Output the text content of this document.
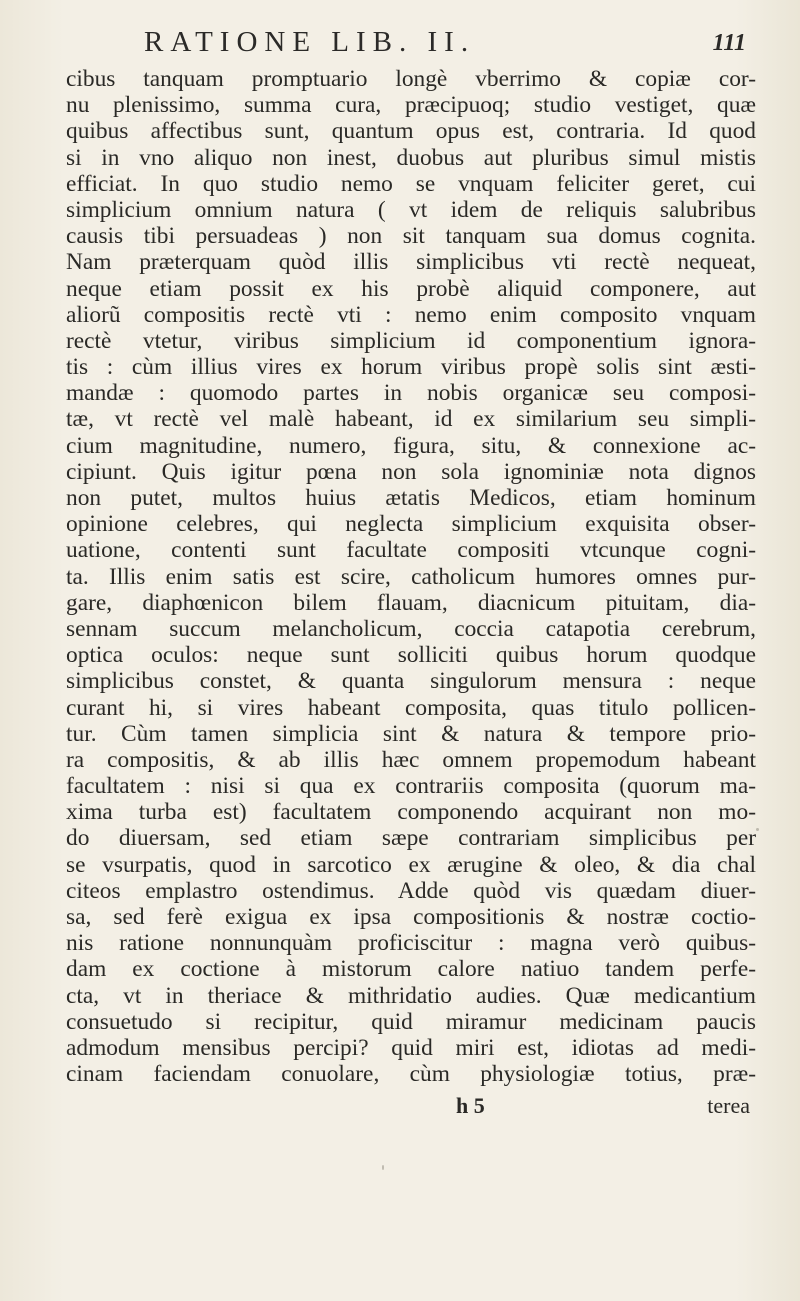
RATIONE LIB. II.	111
cibus tanquam promptuario longè vberrimo & copiæ cor-
nu plenissimo, summa cura, præcipuoq; studio vestiget, quæ
quibus affectibus sunt, quantum opus est, contraria. Id quod
si in vno aliquo non inest, duobus aut pluribus simul mistis
efficiat. In quo studio nemo se vnquam feliciter geret, cui
simplicium omnium natura ( vt idem de reliquis salubribus
causis tibi persuadeas ) non sit tanquam sua domus cognita.
Nam præterquam quòd illis simplicibus vti rectè nequeat,
neque etiam possit ex his probè aliquid componere, aut
aliorũ compositis rectè vti : nemo enim composito vnquam
rectè vtetur, viribus simplicium id componentium ignora-
tis : cùm illius vires ex horum viribus propè solis sint æsti-
mandæ : quomodo partes in nobis organicæ seu composi-
tæ, vt rectè vel malè habeant, id ex similarium seu simpli-
cium magnitudine, numero, figura, situ, & connexione ac-
cipiunt. Quis igitur pœna non sola ignominiæ nota dignos
non putet, multos huius ætatis Medicos, etiam hominum
opinione celebres, qui neglecta simplicium exquisita obser-
uatione, contenti sunt facultate compositi vtcunque cogni-
ta. Illis enim satis est scire, catholicum humores omnes pur-
gare, diaphœnicon bilem flauam, diacnicum pituitam, dia-
sennam succum melancholicum, coccia catapotia cerebrum,
optica oculos: neque sunt solliciti quibus horum quodque
simplicibus constet, & quanta singulorum mensura : neque
curant hi, si vires habeant composita, quas titulo pollicen-
tur. Cùm tamen simplicia sint & natura & tempore prio-
ra compositis, & ab illis hæc omnem propemodum habeant
facultatem : nisi si qua ex contrariis composita (quorum ma-
xima turba est) facultatem componendo acquirant non mo-
do diuersam, sed etiam sæpe contrariam simplicibus per
se vsurpatis, quod in sarcotico ex ærugine & oleo, & dia chal
citeos emplastro ostendimus. Adde quòd vis quædam diuer-
sa, sed ferè exigua ex ipsa compositionis & nostræ coctio-
nis ratione nonnunquàm proficiscitur : magna verò quibus-
dam ex coctione à mistorum calore natiuo tandem perfe-
cta, vt in theriace & mithridatio audies. Quæ medicantium
consuetudo si recipitur, quid miramur medicinam paucis
admodum mensibus percipi? quid miri est, idiotas ad medi-
cinam faciendam conuolare, cùm physiologiæ totius, præ-
h 5	terea
